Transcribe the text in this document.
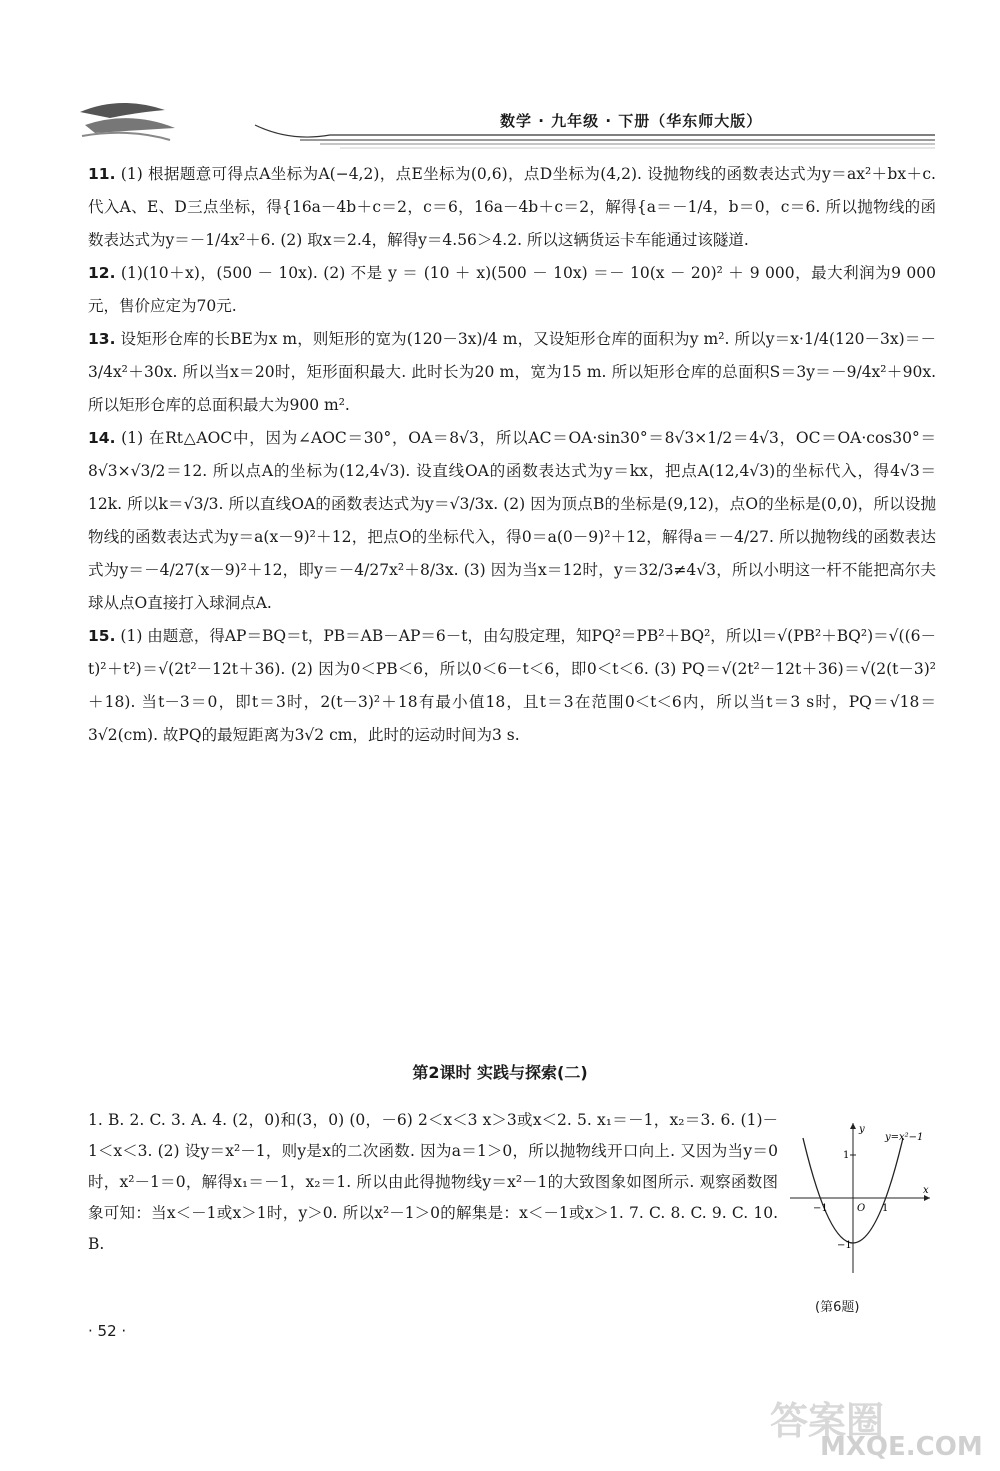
数学 · 九年级 · 下册（华东师大版）

11. (1) 根据题意可得点A坐标为A(−4,2)，点E坐标为(0,6)，点D坐标为(4,2). 设抛物线的函数表达式为y＝ax²＋bx＋c. 代入A、E、D三点坐标，得{16a－4b＋c＝2，c＝6，16a－4b＋c＝2，解得{a＝－1/4，b＝0，c＝6. 所以抛物线的函数表达式为y＝－1/4x²＋6. (2) 取x＝2.4，解得y＝4.56＞4.2. 所以这辆货运卡车能通过该隧道.

12. (1)(10＋x)，(500 － 10x). (2) 不是 y ＝ (10 ＋ x)(500 － 10x) ＝－ 10(x － 20)² ＋ 9 000，最大利润为9 000元，售价应定为70元.

13. 设矩形仓库的长BE为x m，则矩形的宽为(120－3x)/4 m，又设矩形仓库的面积为y m². 所以y＝x·1/4(120－3x)＝－3/4x²＋30x. 所以当x＝20时，矩形面积最大. 此时长为20 m，宽为15 m. 所以矩形仓库的总面积S＝3y＝－9/4x²＋90x. 所以矩形仓库的总面积最大为900 m².

14. (1) 在Rt△AOC中，因为∠AOC＝30°，OA＝8√3，所以AC＝OA·sin30°＝8√3×1/2＝4√3，OC＝OA·cos30°＝8√3×√3/2＝12. 所以点A的坐标为(12,4√3). 设直线OA的函数表达式为y＝kx，把点A(12,4√3)的坐标代入，得4√3＝12k. 所以k＝√3/3. 所以直线OA的函数表达式为y＝√3/3x. (2) 因为顶点B的坐标是(9,12)，点O的坐标是(0,0)，所以设抛物线的函数表达式为y＝a(x－9)²＋12，把点O的坐标代入，得0＝a(0－9)²＋12，解得a＝－4/27. 所以抛物线的函数表达式为y＝－4/27(x－9)²＋12，即y＝－4/27x²＋8/3x. (3) 因为当x＝12时，y＝32/3≠4√3，所以小明这一杆不能把高尔夫球从点O直接打入球洞点A.

15. (1) 由题意，得AP＝BQ＝t，PB＝AB－AP＝6－t，由勾股定理，知PQ²＝PB²＋BQ²，所以l＝√(PB²＋BQ²)＝√((6－t)²＋t²)＝√(2t²－12t＋36). (2) 因为0＜PB＜6，所以0＜6－t＜6，即0＜t＜6. (3) PQ＝√(2t²－12t＋36)＝√(2(t－3)²＋18). 当t－3＝0，即t＝3时，2(t－3)²＋18有最小值18，且t＝3在范围0＜t＜6内，所以当t＝3 s时，PQ＝√18＝3√2(cm). 故PQ的最短距离为3√2 cm，此时的运动时间为3 s.

第2课时 实践与探索(二)

1. B. 2. C. 3. A. 4. (2，0)和(3，0) (0，－6) 2＜x＜3 x＞3或x＜2. 5. x₁＝－1，x₂＝3. 6. (1)－1＜x＜3. (2) 设y＝x²－1，则y是x的二次函数. 因为a＝1＞0，所以抛物线开口向上. 又因为当y＝0时，x²－1＝0，解得x₁＝－1，x₂＝1. 所以由此得抛物线y＝x²－1的大致图象如图所示. 观察函数图象可知：当x＜－1或x＞1时，y＞0. 所以x²－1＞0的解集是：x＜－1或x＞1. 7. C. 8. C. 9. C. 10. B.

y
x
O
−1	1
1
−1
y=x²−1
(第6题)
· 52 ·
答案圈
MXQE.COM
